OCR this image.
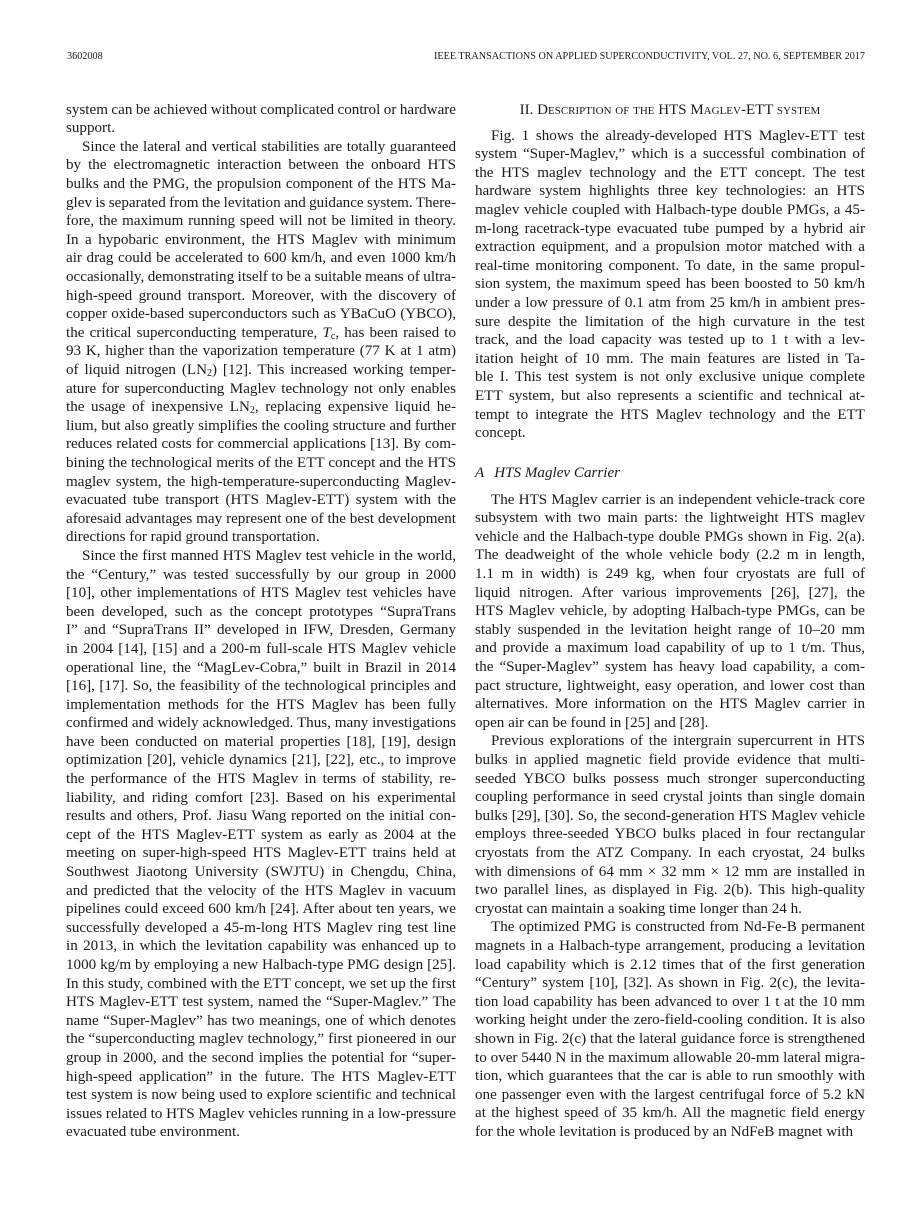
3602008	IEEE TRANSACTIONS ON APPLIED SUPERCONDUCTIVITY, VOL. 27, NO. 6, SEPTEMBER 2017
system can be achieved without complicated control or hardware
support.
Since the lateral and vertical stabilities are totally guaranteed
by the electromagnetic interaction between the onboard HTS
bulks and the PMG, the propulsion component of the HTS Ma-
glev is separated from the levitation and guidance system. There-
fore, the maximum running speed will not be limited in theory.
In a hypobaric environment, the HTS Maglev with minimum
air drag could be accelerated to 600 km/h, and even 1000 km/h
occasionally, demonstrating itself to be a suitable means of ultra-
high-speed ground transport. Moreover, with the discovery of
copper oxide-based superconductors such as YBaCuO (YBCO),
the critical superconducting temperature, $T_c$, has been raised to
93 K, higher than the vaporization temperature (77 K at 1 atm)
of liquid nitrogen $(LN_2)$ [12]. This increased working temper-
ature for superconducting Maglev technology not only enables
the usage of inexpensive $LN_2$, replacing expensive liquid he-
lium, but also greatly simplifies the cooling structure and further
reduces related costs for commercial applications [13]. By com-
bining the technological merits of the ETT concept and the HTS
maglev system, the high-temperature-superconducting Maglev-
evacuated tube transport (HTS Maglev-ETT) system with the
aforesaid advantages may represent one of the best development
directions for rapid ground transportation.
Since the first manned HTS Maglev test vehicle in the world,
the “Century,” was tested successfully by our group in 2000
[10], other implementations of HTS Maglev test vehicles have
been developed, such as the concept prototypes “SupraTrans
I” and “SupraTrans II” developed in IFW, Dresden, Germany
in 2004 [14], [15] and a 200-m full-scale HTS Maglev vehicle
operational line, the “MagLev-Cobra,” built in Brazil in 2014
[16], [17]. So, the feasibility of the technological principles and
implementation methods for the HTS Maglev has been fully
confirmed and widely acknowledged. Thus, many investigations
have been conducted on material properties [18], [19], design
optimization [20], vehicle dynamics [21], [22], etc., to improve
the performance of the HTS Maglev in terms of stability, re-
liability, and riding comfort [23]. Based on his experimental
results and others, Prof. Jiasu Wang reported on the initial con-
cept of the HTS Maglev-ETT system as early as 2004 at the
meeting on super-high-speed HTS Maglev-ETT trains held at
Southwest Jiaotong University (SWJTU) in Chengdu, China,
and predicted that the velocity of the HTS Maglev in vacuum
pipelines could exceed 600 km/h [24]. After about ten years, we
successfully developed a 45-m-long HTS Maglev ring test line
in 2013, in which the levitation capability was enhanced up to
1000 kg/m by employing a new Halbach-type PMG design [25].
In this study, combined with the ETT concept, we set up the first
HTS Maglev-ETT test system, named the “Super-Maglev.” The
name “Super-Maglev” has two meanings, one of which denotes
the “superconducting maglev technology,” first pioneered in our
group in 2000, and the second implies the potential for “super-
high-speed application” in the future. The HTS Maglev-ETT
test system is now being used to explore scientific and technical
issues related to HTS Maglev vehicles running in a low-pressure
evacuated tube environment.
II. Description of the HTS Maglev-ETT system
Fig. 1 shows the already-developed HTS Maglev-ETT test
system “Super-Maglev,” which is a successful combination of
the HTS maglev technology and the ETT concept. The test
hardware system highlights three key technologies: an HTS
maglev vehicle coupled with Halbach-type double PMGs, a 45-
m-long racetrack-type evacuated tube pumped by a hybrid air
extraction equipment, and a propulsion motor matched with a
real-time monitoring component. To date, in the same propul-
sion system, the maximum speed has been boosted to 50 km/h
under a low pressure of 0.1 atm from 25 km/h in ambient pres-
sure despite the limitation of the high curvature in the test
track, and the load capacity was tested up to 1 t with a lev-
itation height of 10 mm. The main features are listed in Ta-
ble I. This test system is not only exclusive unique complete
ETT system, but also represents a scientific and technical at-
tempt to integrate the HTS Maglev technology and the ETT
concept.
A HTS Maglev Carrier
The HTS Maglev carrier is an independent vehicle-track core
subsystem with two main parts: the lightweight HTS maglev
vehicle and the Halbach-type double PMGs shown in Fig. 2(a).
The deadweight of the whole vehicle body (2.2 m in length,
1.1 m in width) is 249 kg, when four cryostats are full of
liquid nitrogen. After various improvements [26], [27], the
HTS Maglev vehicle, by adopting Halbach-type PMGs, can be
stably suspended in the levitation height range of 10–20 mm
and provide a maximum load capability of up to 1 t/m. Thus,
the “Super-Maglev” system has heavy load capability, a com-
pact structure, lightweight, easy operation, and lower cost than
alternatives. More information on the HTS Maglev carrier in
open air can be found in [25] and [28].
Previous explorations of the intergrain supercurrent in HTS
bulks in applied magnetic field provide evidence that multi-
seeded YBCO bulks possess much stronger superconducting
coupling performance in seed crystal joints than single domain
bulks [29], [30]. So, the second-generation HTS Maglev vehicle
employs three-seeded YBCO bulks placed in four rectangular
cryostats from the ATZ Company. In each cryostat, 24 bulks
with dimensions of 64 mm × 32 mm × 12 mm are installed in
two parallel lines, as displayed in Fig. 2(b). This high-quality
cryostat can maintain a soaking time longer than 24 h.
The optimized PMG is constructed from Nd-Fe-B permanent
magnets in a Halbach-type arrangement, producing a levitation
load capability which is 2.12 times that of the first generation
“Century” system [10], [32]. As shown in Fig. 2(c), the levita-
tion load capability has been advanced to over 1 t at the 10 mm
working height under the zero-field-cooling condition. It is also
shown in Fig. 2(c) that the lateral guidance force is strengthened
to over 5440 N in the maximum allowable 20-mm lateral migra-
tion, which guarantees that the car is able to run smoothly with
one passenger even with the largest centrifugal force of 5.2 kN
at the highest speed of 35 km/h. All the magnetic field energy
for the whole levitation is produced by an NdFeB magnet with
